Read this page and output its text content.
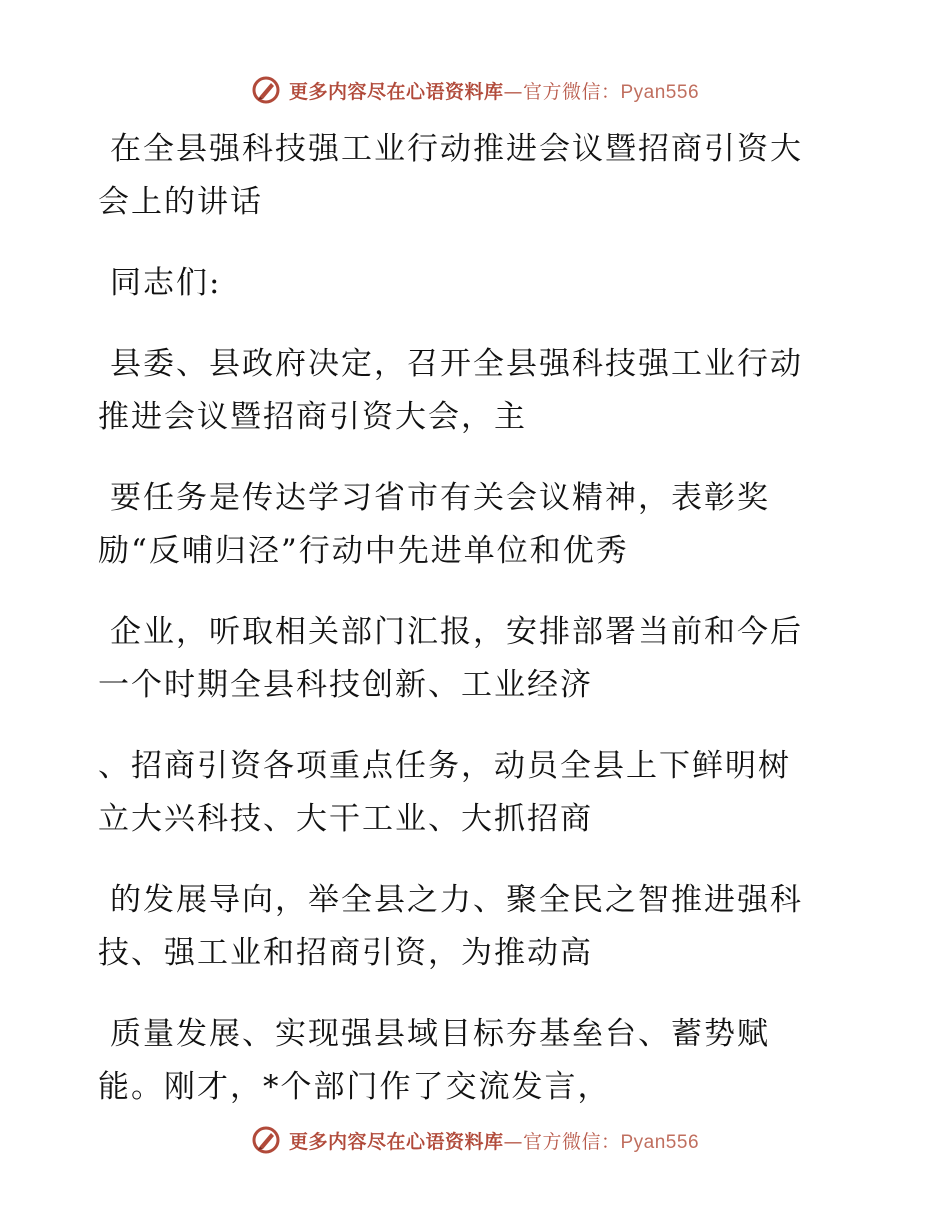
更多内容尽在心语资料库—官方微信：Pyan556
在全县强科技强工业行动推进会议暨招商引资大
会上的讲话
同志们:
县委、县政府决定，召开全县强科技强工业行动
推进会议暨招商引资大会，主
要任务是传达学习省市有关会议精神，表彰奖
励“反哺归泾”行动中先进单位和优秀
企业，听取相关部门汇报，安排部署当前和今后
一个时期全县科技创新、工业经济
、招商引资各项重点任务，动员全县上下鲜明树
立大兴科技、大干工业、大抓招商
的发展导向，举全县之力、聚全民之智推进强科
技、强工业和招商引资，为推动高
质量发展、实现强县域目标夯基垒台、蓄势赋
能。刚才，*个部门作了交流发言，
更多内容尽在心语资料库—官方微信：Pyan556
